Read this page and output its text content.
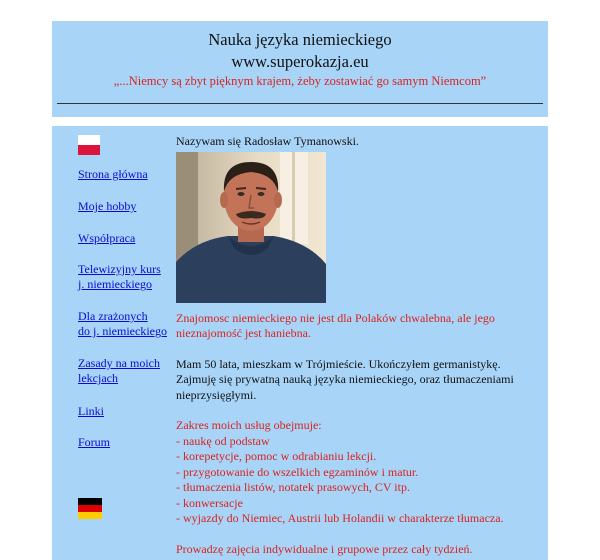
Nauka języka niemieckiego
www.superokazja.eu
„...Niemcy są zbyt pięknym krajem, żeby zostawiać go samym Niemcom”
Strona główna
Moje hobby
Współpraca
Telewizyjny kurs
j. niemieckiego
Dla zrażonych
do j. niemieckiego
Zasady na moich
lekcjach
Linki
Forum

Nazywam się Radosław Tymanowski.

Znajomosc niemieckiego nie jest dla Polaków chwalebna, ale jego nieznajomość jest haniebna.

Mam 50 lata, mieszkam w Trójmieście. Ukończyłem germanistykę.

Zajmuję się prywatną nauką języka niemieckiego, oraz tłumaczeniami nieprzysięgłymi.

Zakres moich usług obejmuje:

- naukę od podstaw

- korepetycje, pomoc w odrabianiu lekcji.

- przygotowanie do wszelkich egzaminów i matur.

- tłumaczenia listów, notatek prasowych, CV itp.

- konwersacje

- wyjazdy do Niemiec, Austrii lub Holandii w charakterze tłumacza.

Prowadzę zajęcia indywidualne i grupowe przez cały tydzień.
